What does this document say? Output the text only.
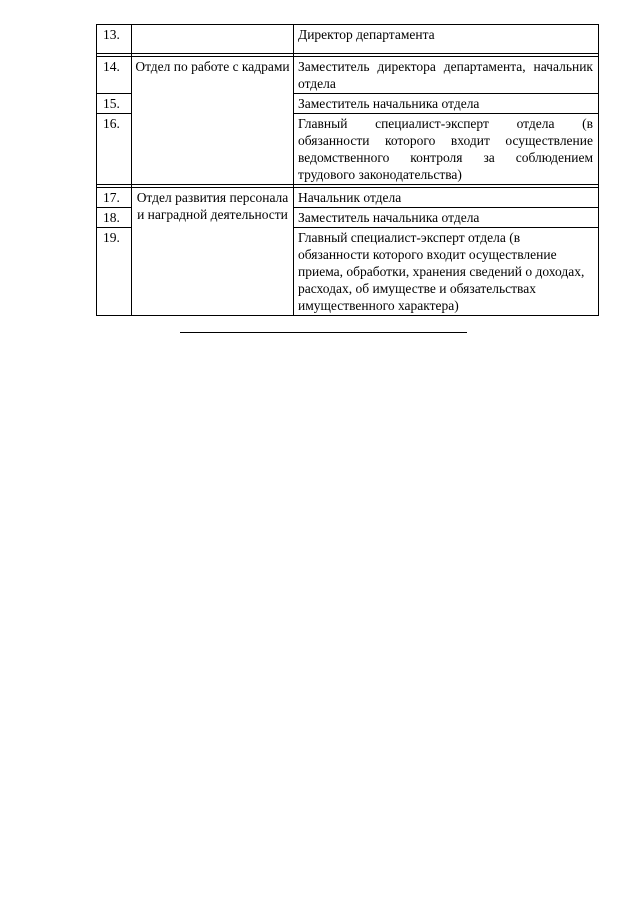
13.		Директор департамента

14.	Отдел по работе с кадрами	Заместитель директора департамента, начальник отдела
15.		Заместитель начальника отдела
16.		Главный специалист-эксперт отдела (в обязанности которого входит осуществление ведомственного контроля за соблюдением трудового законодательства)

17.	Отдел развития персонала и наградной деятельности	Начальник отдела
18.		Заместитель начальника отдела
19.		Главный специалист-эксперт отдела (в обязанности которого входит осуществление приема, обработки, хранения сведений о доходах, расходах, об имуществе и обязательствах имущественного характера)
